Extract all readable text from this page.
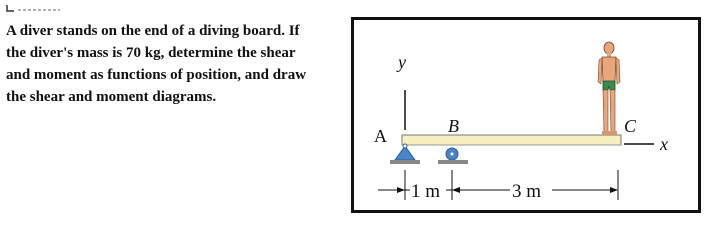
A diver stands on the end of a diving board. If
the diver's mass is 70 kg, determine the shear
and moment as functions of position, and draw
the shear and moment diagrams.
y
x
A	B	C
1 m	3 m
